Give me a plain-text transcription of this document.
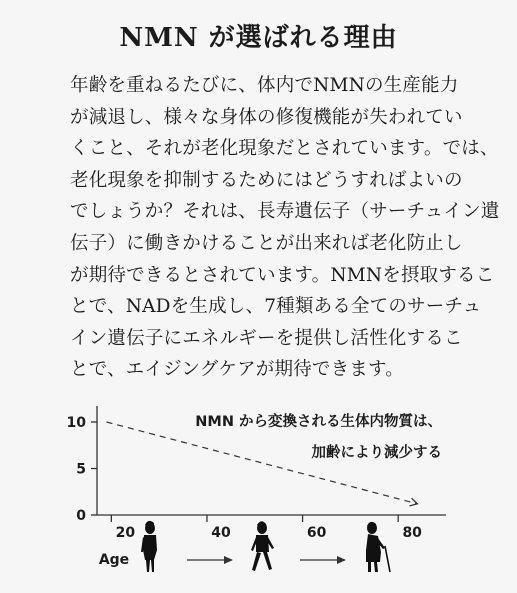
NMN が選ばれる理由
年齢を重ねるたびに、体内でNMNの生産能力
が減退し、様々な身体の修復機能が失われてい
くこと、それが老化現象だとされています。では、
老化現象を抑制するためにはどうすればよいの
でしょうか？それは、長寿遺伝子（サーチュイン遺
伝子）に働きかけることが出来れば老化防止し
が期待できるとされています。NMNを摂取するこ
とで、NADを生成し、7種類ある全てのサーチュ
イン遺伝子にエネルギーを提供し活性化するこ
とで、エイジングケアが期待できます。
0
5
10
20	40	60	80
NMN から変換される生体内物質は、
加齢により減少する
Age
